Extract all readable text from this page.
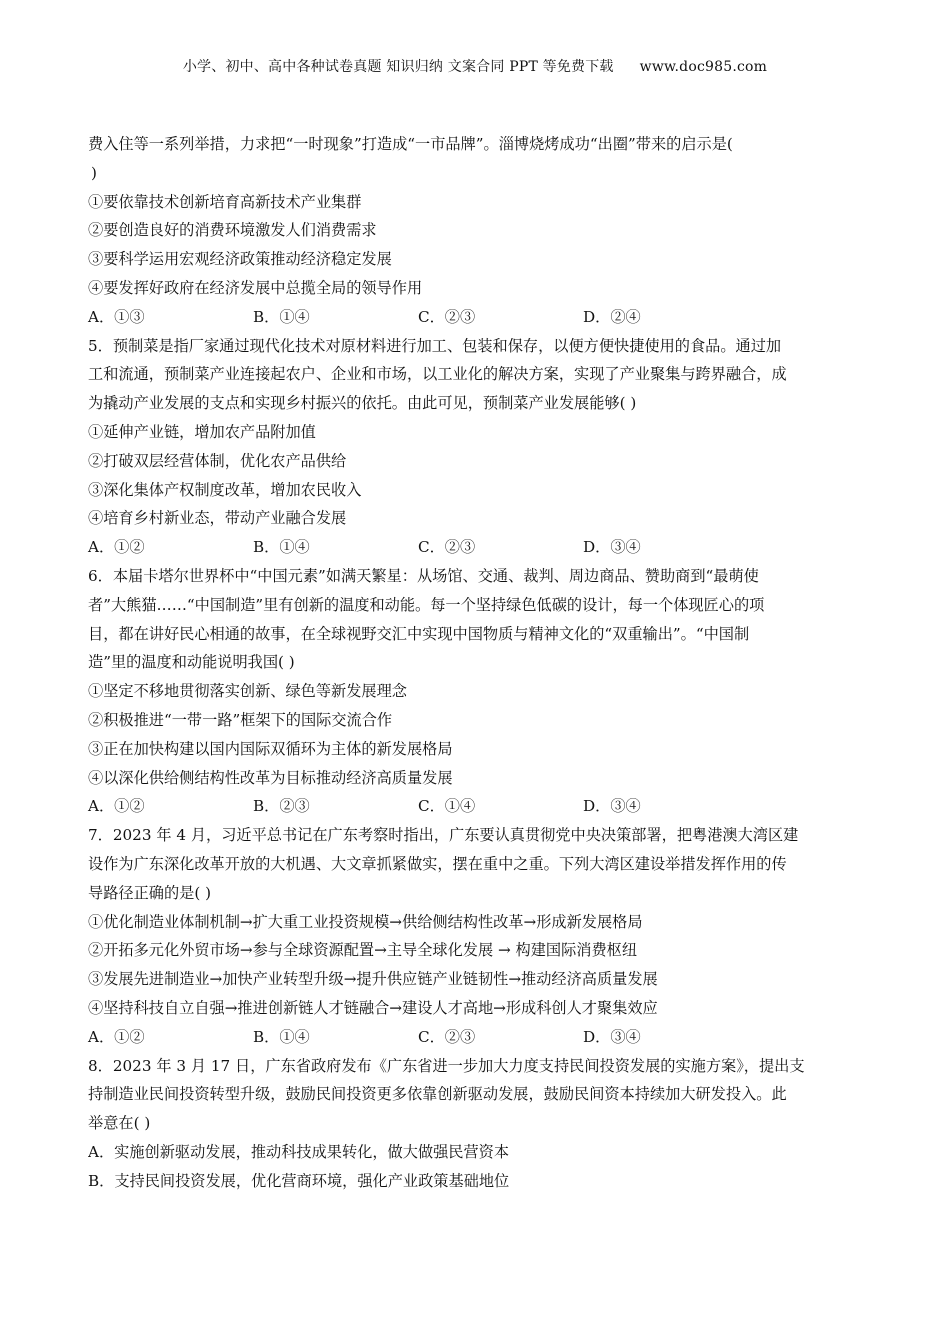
小学、初中、高中各种试卷真题 知识归纳 文案合同 PPT 等免费下载 www.doc985.com
费入住等一系列举措，力求把“一时现象”打造成“一市品牌”。淄博烧烤成功“出圈”带来的启示是(
)
①要依靠技术创新培育高新技术产业集群
②要创造良好的消费环境激发人们消费需求
③要科学运用宏观经济政策推动经济稳定发展
④要发挥好政府在经济发展中总揽全局的领导作用
A．①③	B．①④	C．②③	D．②④
5．预制菜是指厂家通过现代化技术对原材料进行加工、包装和保存，以便方便快捷使用的食品。通过加
工和流通，预制菜产业连接起农户、企业和市场，以工业化的解决方案，实现了产业聚集与跨界融合，成
为撬动产业发展的支点和实现乡村振兴的依托。由此可见，预制菜产业发展能够( )
①延伸产业链，增加农产品附加值
②打破双层经营体制，优化农产品供给
③深化集体产权制度改革，增加农民收入
④培育乡村新业态，带动产业融合发展
A．①②	B．①④	C．②③	D．③④
6．本届卡塔尔世界杯中“中国元素”如满天繁星：从场馆、交通、裁判、周边商品、赞助商到“最萌使
者”大熊猫……“中国制造”里有创新的温度和动能。每一个坚持绿色低碳的设计，每一个体现匠心的项
目，都在讲好民心相通的故事，在全球视野交汇中实现中国物质与精神文化的“双重输出”。“中国制
造”里的温度和动能说明我国( )
①坚定不移地贯彻落实创新、绿色等新发展理念
②积极推进“一带一路”框架下的国际交流合作
③正在加快构建以国内国际双循环为主体的新发展格局
④以深化供给侧结构性改革为目标推动经济高质量发展
A．①②	B．②③	C．①④	D．③④
7．2023 年 4 月，习近平总书记在广东考察时指出，广东要认真贯彻党中央决策部署，把粤港澳大湾区建
设作为广东深化改革开放的大机遇、大文章抓紧做实，摆在重中之重。下列大湾区建设举措发挥作用的传
导路径正确的是( )
①优化制造业体制机制→扩大重工业投资规模→供给侧结构性改革→形成新发展格局
②开拓多元化外贸市场→参与全球资源配置→主导全球化发展 → 构建国际消费枢纽
③发展先进制造业→加快产业转型升级→提升供应链产业链韧性→推动经济高质量发展
④坚持科技自立自强→推进创新链人才链融合→建设人才高地→形成科创人才聚集效应
A．①②	B．①④	C．②③	D．③④
8．2023 年 3 月 17 日，广东省政府发布《广东省进一步加大力度支持民间投资发展的实施方案》，提出支
持制造业民间投资转型升级，鼓励民间投资更多依靠创新驱动发展，鼓励民间资本持续加大研发投入。此
举意在( )
A．实施创新驱动发展，推动科技成果转化，做大做强民营资本
B．支持民间投资发展，优化营商环境，强化产业政策基础地位
